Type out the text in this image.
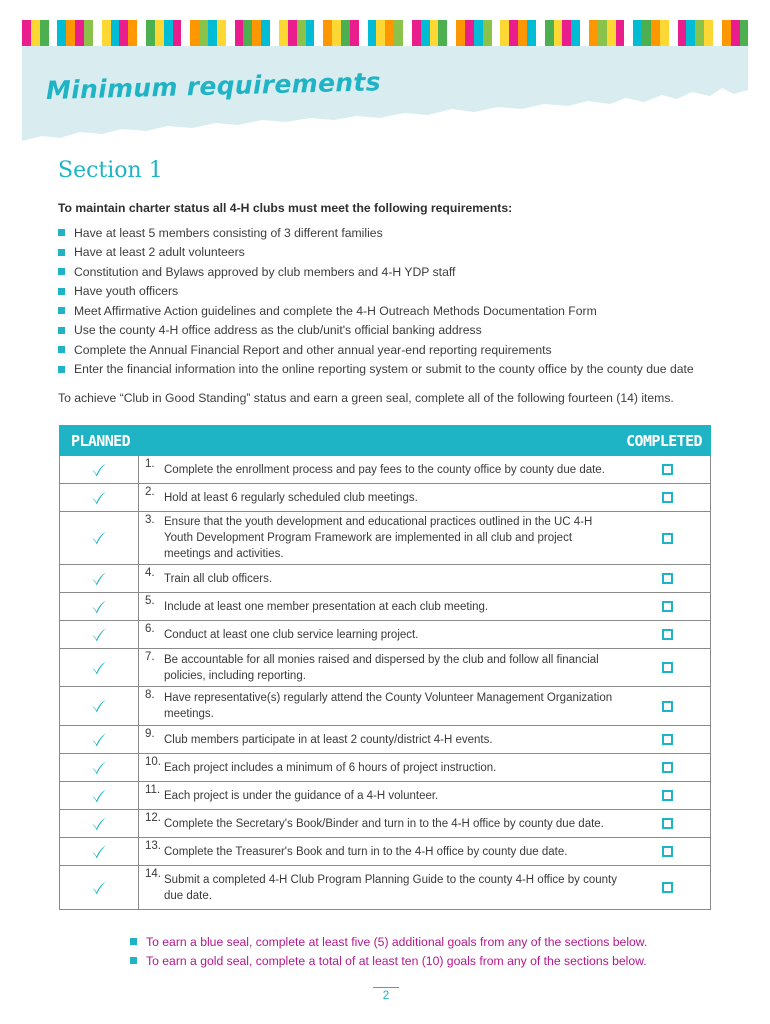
Minimum requirements
Section 1

To maintain charter status all 4-H clubs must meet the following requirements:

Have at least 5 members consisting of 3 different families
Have at least 2 adult volunteers
Constitution and Bylaws approved by club members and 4-H YDP staff
Have youth officers
Meet Affirmative Action guidelines and complete the 4-H Outreach Methods Documentation Form
Use the county 4-H office address as the club/unit's official banking address
Complete the Annual Financial Report and other annual year-end reporting requirements
Enter the financial information into the online reporting system or submit to the county office by the county due date

To achieve “Club in Good Standing” status and earn a green seal, complete all of the following fourteen (14) items.

PLANNED	COMPLETED
1. Complete the enrollment process and pay fees to the county office by county due date.
2. Hold at least 6 regularly scheduled club meetings.
3. Ensure that the youth development and educational practices outlined in the UC 4-H Youth Development Program Framework are implemented in all club and project meetings and activities.
4. Train all club officers.
5. Include at least one member presentation at each club meeting.
6. Conduct at least one club service learning project.
7. Be accountable for all monies raised and dispersed by the club and follow all financial policies, including reporting.
8. Have representative(s) regularly attend the County Volunteer Management Organization meetings.
9. Club members participate in at least 2 county/district 4-H events.
10. Each project includes a minimum of 6 hours of project instruction.
11. Each project is under the guidance of a 4-H volunteer.
12. Complete the Secretary's Book/Binder and turn in to the 4-H office by county due date.
13. Complete the Treasurer's Book and turn in to the 4-H office by county due date.
14. Submit a completed 4-H Club Program Planning Guide to the county 4-H office by county due date.
To earn a blue seal, complete at least five (5) additional goals from any of the sections below.
To earn a gold seal, complete a total of at least ten (10) goals from any of the sections below.
2
